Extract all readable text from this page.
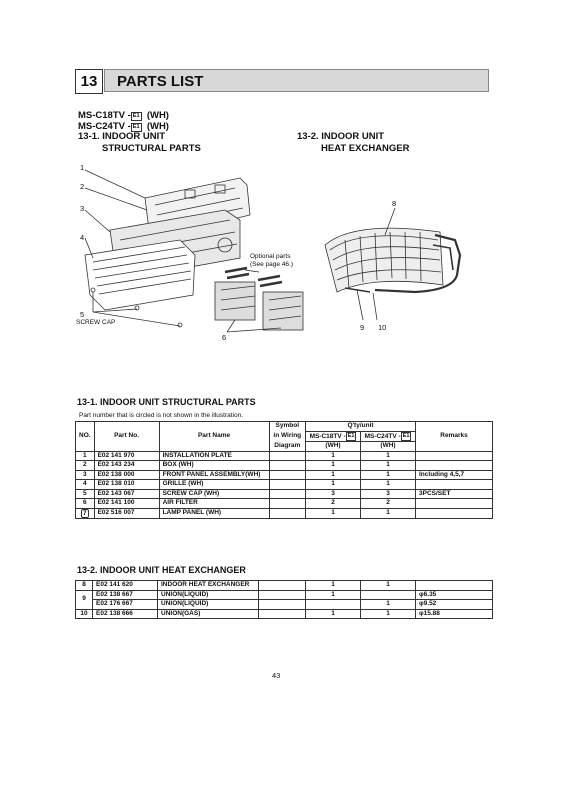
13	PARTS LIST
MS-C18TV - E1 (WH)
MS-C24TV - E1 (WH)
13-1. INDOOR UNIT
STRUCTURAL PARTS
13-2. INDOOR UNIT
HEAT EXCHANGER
1
2
3
4
5
SCREW CAP
6
Optional parts
(See page 46.)
8
9 10
13-1. INDOOR UNIT STRUCTURAL PARTS
Part number that is circled is not shown in the illustration.
NO.	Part No.	Part Name	Symbol	Q'ty/unit		Remarks
			in Wiring	MS-C18TV - E1	MS-C24TV - E1	
			Diagram	(WH)	(WH)	
1	E02 141 970	INSTALLATION PLATE		1	1	
2	E02 143 234	BOX (WH)		1	1	
3	E02 138 000	FRONT PANEL ASSEMBLY(WH)		1	1	Including 4,5,7
4	E02 138 010	GRILLE (WH)		1	1	
5	E02 143 067	SCREW CAP (WH)		3	3	3PCS/SET
6	E02 141 100	AIR FILTER		2	2	
7	E02 516 007	LAMP PANEL (WH)		1	1	
13-2. INDOOR UNIT HEAT EXCHANGER
8	E02 141 620	INDOOR HEAT EXCHANGER		1	1	
9	E02 138 667	UNION(LIQUID)		1		φ6.35
	E02 176 667	UNION(LIQUID)			1	φ9.52
10	E02 138 666	UNION(GAS)		1	1	φ15.88
43
